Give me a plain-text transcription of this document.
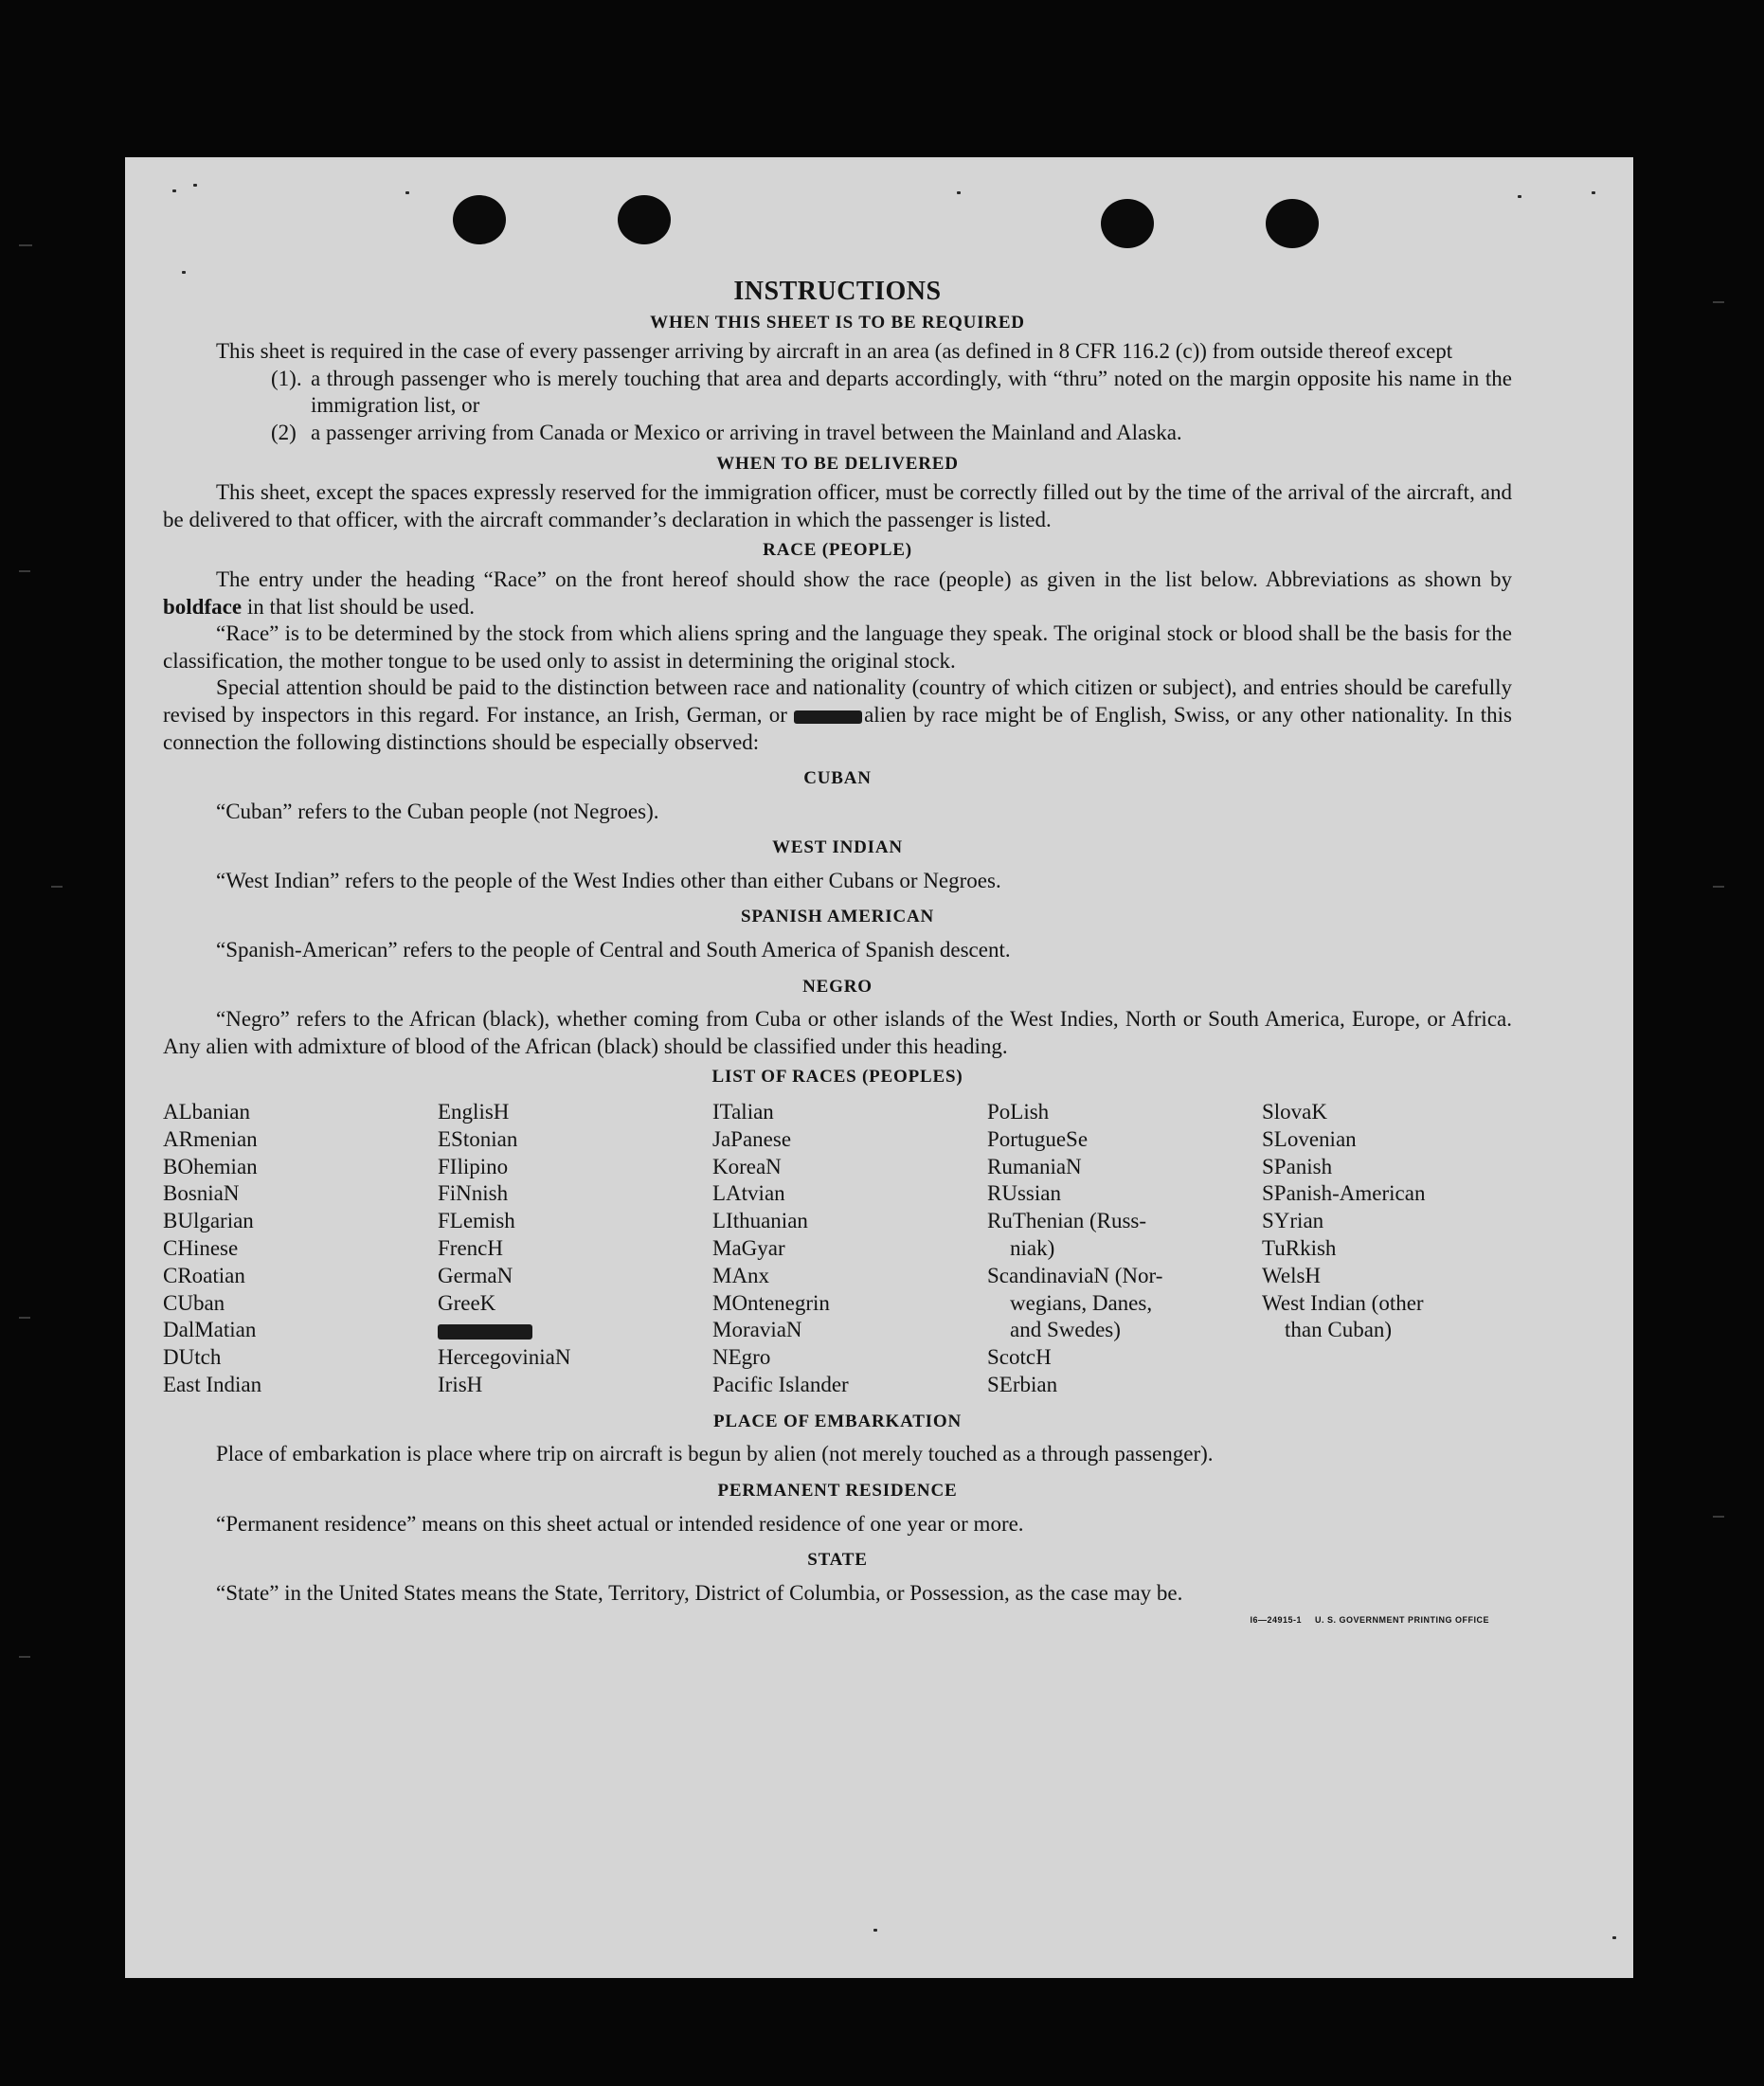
INSTRUCTIONS
WHEN THIS SHEET IS TO BE REQUIRED

This sheet is required in the case of every passenger arriving by aircraft in an area (as defined in 8 CFR 116.2 (c)) from outside thereof except

(1). a through passenger who is merely touching that area and departs accordingly, with “thru” noted on the margin opposite his name in the immigration list, or
(2) a passenger arriving from Canada or Mexico or arriving in travel between the Mainland and Alaska.
WHEN TO BE DELIVERED

This sheet, except the spaces expressly reserved for the immigration officer, must be correctly filled out by the time of the arrival of the aircraft, and be delivered to that officer, with the aircraft commander’s declaration in which the passenger is listed.

RACE (PEOPLE)

The entry under the heading “Race” on the front hereof should show the race (people) as given in the list below. Abbreviations as shown by boldface in that list should be used.

“Race” is to be determined by the stock from which aliens spring and the language they speak. The original stock or blood shall be the basis for the classification, the mother tongue to be used only to assist in determining the original stock.

Special attention should be paid to the distinction between race and nationality (country of which citizen or subject), and entries should be carefully revised by inspectors in this regard. For instance, an Irish, German, or	alien by race might be of English, Swiss, or any other nationality. In this connection the following distinctions should be especially observed:

CUBAN

“Cuban” refers to the Cuban people (not Negroes).

WEST INDIAN

“West Indian” refers to the people of the West Indies other than either Cubans or Negroes.

SPANISH AMERICAN

“Spanish-American” refers to the people of Central and South America of Spanish descent.

NEGRO

“Negro” refers to the African (black), whether coming from Cuba or other islands of the West Indies, North or South America, Europe, or Africa. Any alien with admixture of blood of the African (black) should be classified under this heading.

LIST OF RACES (PEOPLES)
ALbanian
ARmenian
BOhemian
BosniaN
BUlgarian
CHinese
CRoatian
CUban
DalMatian
DUtch
East Indian
EnglisH
EStonian
FIlipino
FiNnish
FLemish
FrencH
GermaN
GreeK
HercegoviniaN
IrisH
ITalian
JaPanese
KoreaN
LAtvian
LIthuanian
MaGyar
MAnx
MOntenegrin
MoraviaN
NEgro
Pacific Islander
PoLish
PortugueSe
RumaniaN
RUssian
RuThenian (Russ-
niak)
ScandinaviaN (Nor-
wegians, Danes,
and Swedes)
ScotcH
SErbian
SlovaK
SLovenian
SPanish
SPanish-American
SYrian
TuRkish
WelsH
West Indian (other
than Cuban)
PLACE OF EMBARKATION

Place of embarkation is place where trip on aircraft is begun by alien (not merely touched as a through passenger).

PERMANENT RESIDENCE

“Permanent residence” means on this sheet actual or intended residence of one year or more.

STATE

“State” in the United States means the State, Territory, District of Columbia, or Possession, as the case may be.

I6—24915-1 U. S. GOVERNMENT PRINTING OFFICE
